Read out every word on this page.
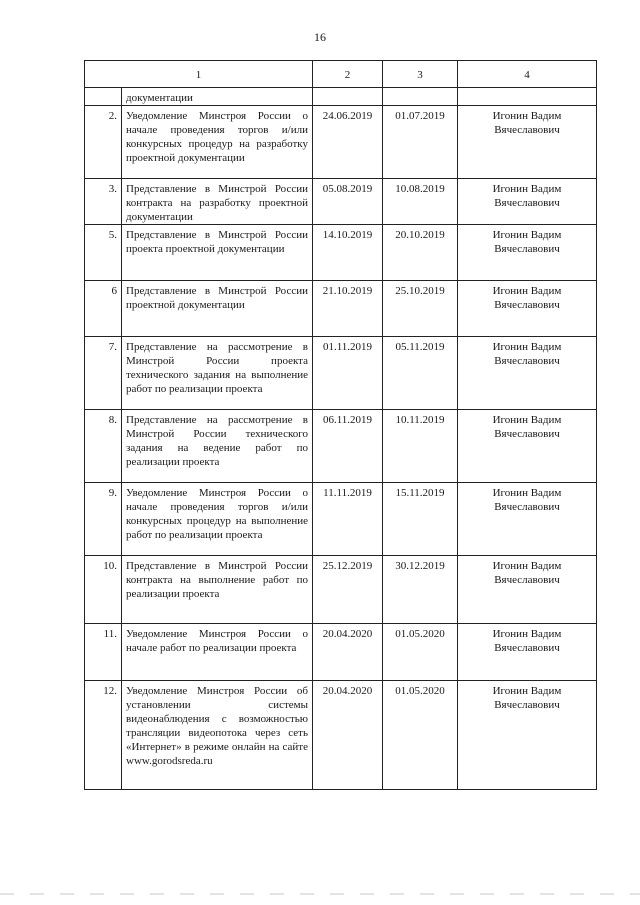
16
1		2	3	4
	документации			
2.	Уведомление Минстроя России о начале проведения торгов и/или конкурсных процедур на разработку проектной документации	24.06.2019	01.07.2019	Игонин Вадим Вячеславович
3.	Представление в Минстрой России контракта на разработку проектной документации	05.08.2019	10.08.2019	Игонин Вадим Вячеславович
5.	Представление в Минстрой России проекта проектной документации	14.10.2019	20.10.2019	Игонин Вадим Вячеславович
6	Представление в Минстрой России проектной документации	21.10.2019	25.10.2019	Игонин Вадим Вячеславович
7.	Представление на рассмотрение в Минстрой России проекта технического задания на выполнение работ по реализации проекта	01.11.2019	05.11.2019	Игонин Вадим Вячеславович
8.	Представление на рассмотрение в Минстрой России технического задания на ведение работ по реализации проекта	06.11.2019	10.11.2019	Игонин Вадим Вячеславович
9.	Уведомление Минстроя России о начале проведения торгов и/или конкурсных процедур на выполнение работ по реализации проекта	11.11.2019	15.11.2019	Игонин Вадим Вячеславович
10.	Представление в Минстрой России контракта на выполнение работ по реализации проекта	25.12.2019	30.12.2019	Игонин Вадим Вячеславович
11.	Уведомление Минстроя России о начале работ по реализации проекта	20.04.2020	01.05.2020	Игонин Вадим Вячеславович
12.	Уведомление Минстроя России об установлении системы видеонаблюдения с возможностью трансляции видеопотока через сеть «Интернет» в режиме онлайн на сайте www.gorodsreda.ru	20.04.2020	01.05.2020	Игонин Вадим Вячеславович
